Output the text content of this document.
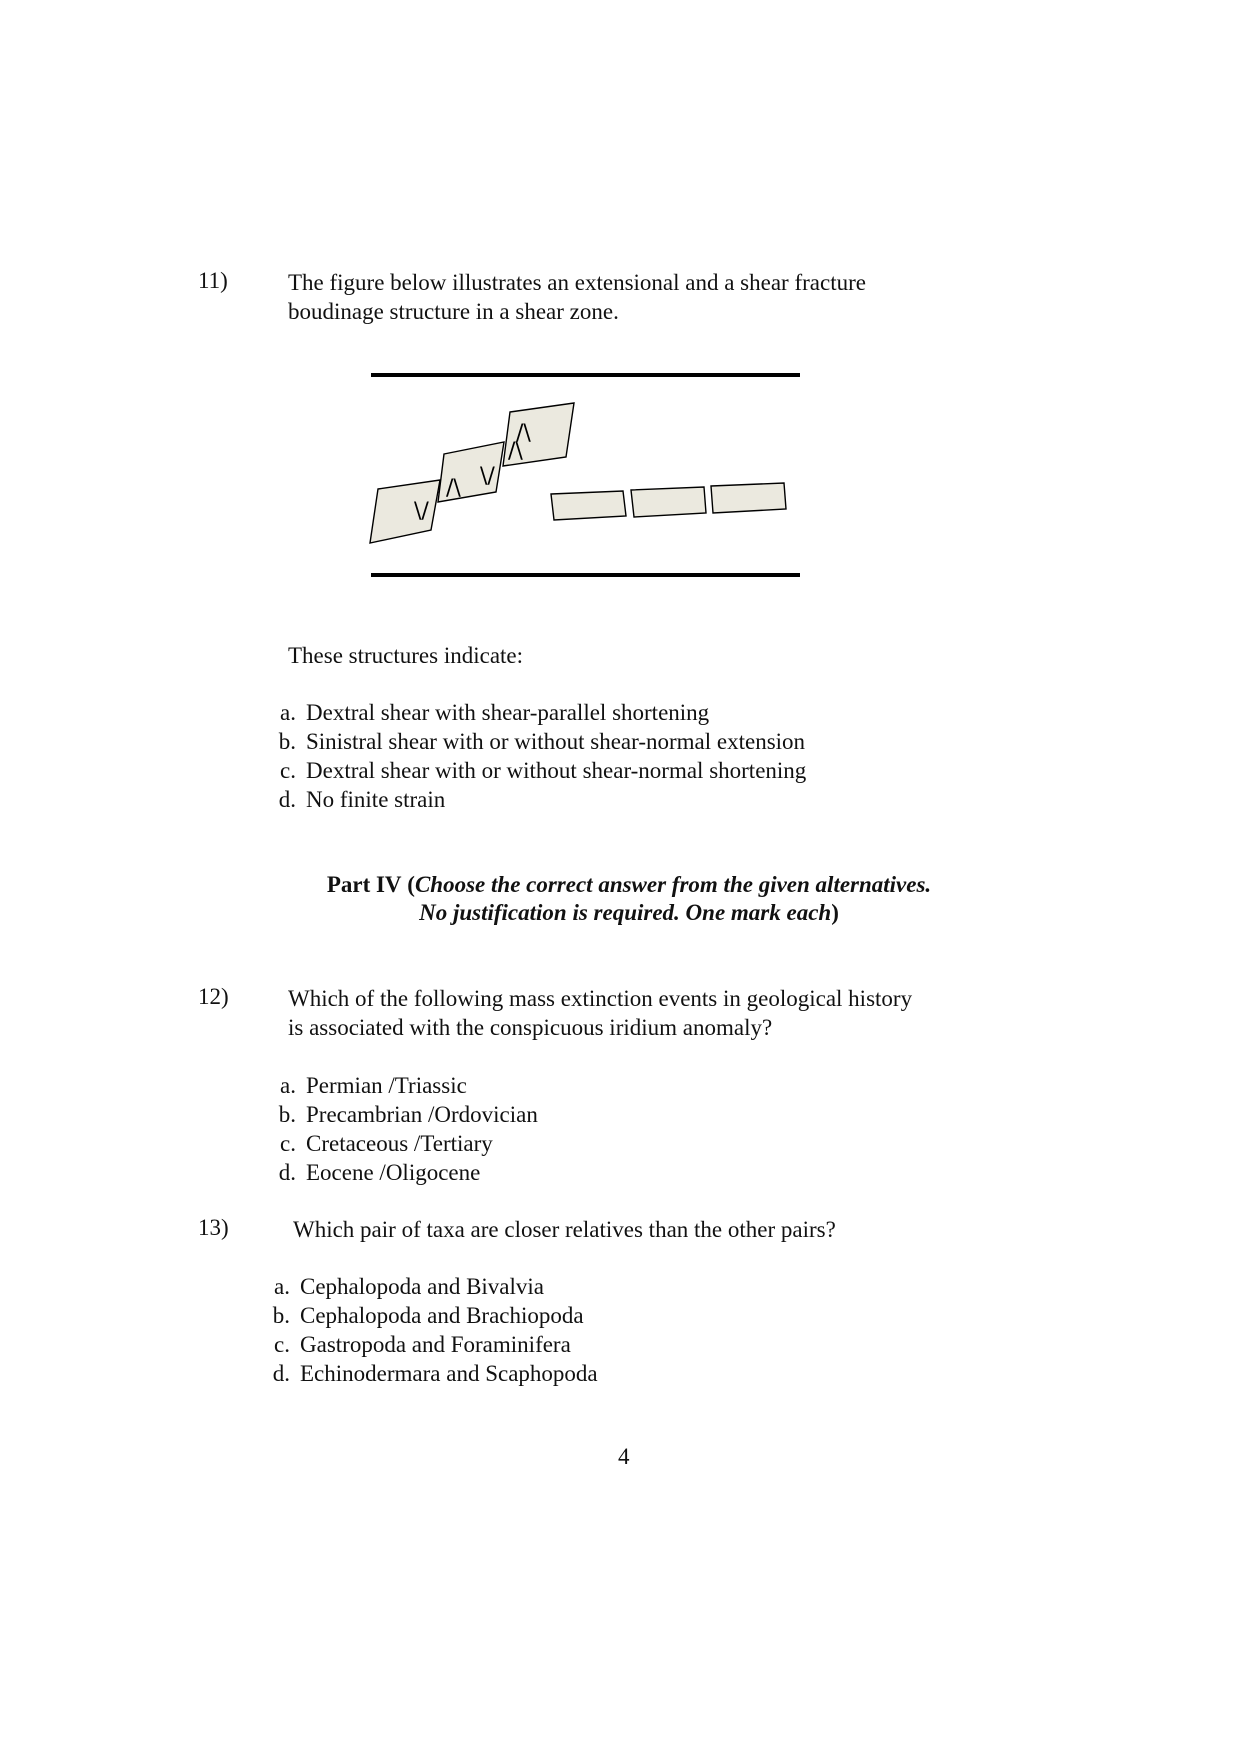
11)	The figure below illustrates an extensional and a shear fracture
boudinage structure in a shear zone.
\/
/\ \/
/\
/\
These structures indicate:
a. Dextral shear with shear-parallel shortening
b. Sinistral shear with or without shear-normal extension
c. Dextral shear with or without shear-normal shortening
d. No finite strain
Part IV (Choose the correct answer from the given alternatives.
No justification is required. One mark each)
12)	Which of the following mass extinction events in geological history
is associated with the conspicuous iridium anomaly?
a. Permian /Triassic
b. Precambrian /Ordovician
c. Cretaceous /Tertiary
d. Eocene /Oligocene
13)	Which pair of taxa are closer relatives than the other pairs?
a. Cephalopoda and Bivalvia
b. Cephalopoda and Brachiopoda
c. Gastropoda and Foraminifera
d. Echinodermara and Scaphopoda
4
